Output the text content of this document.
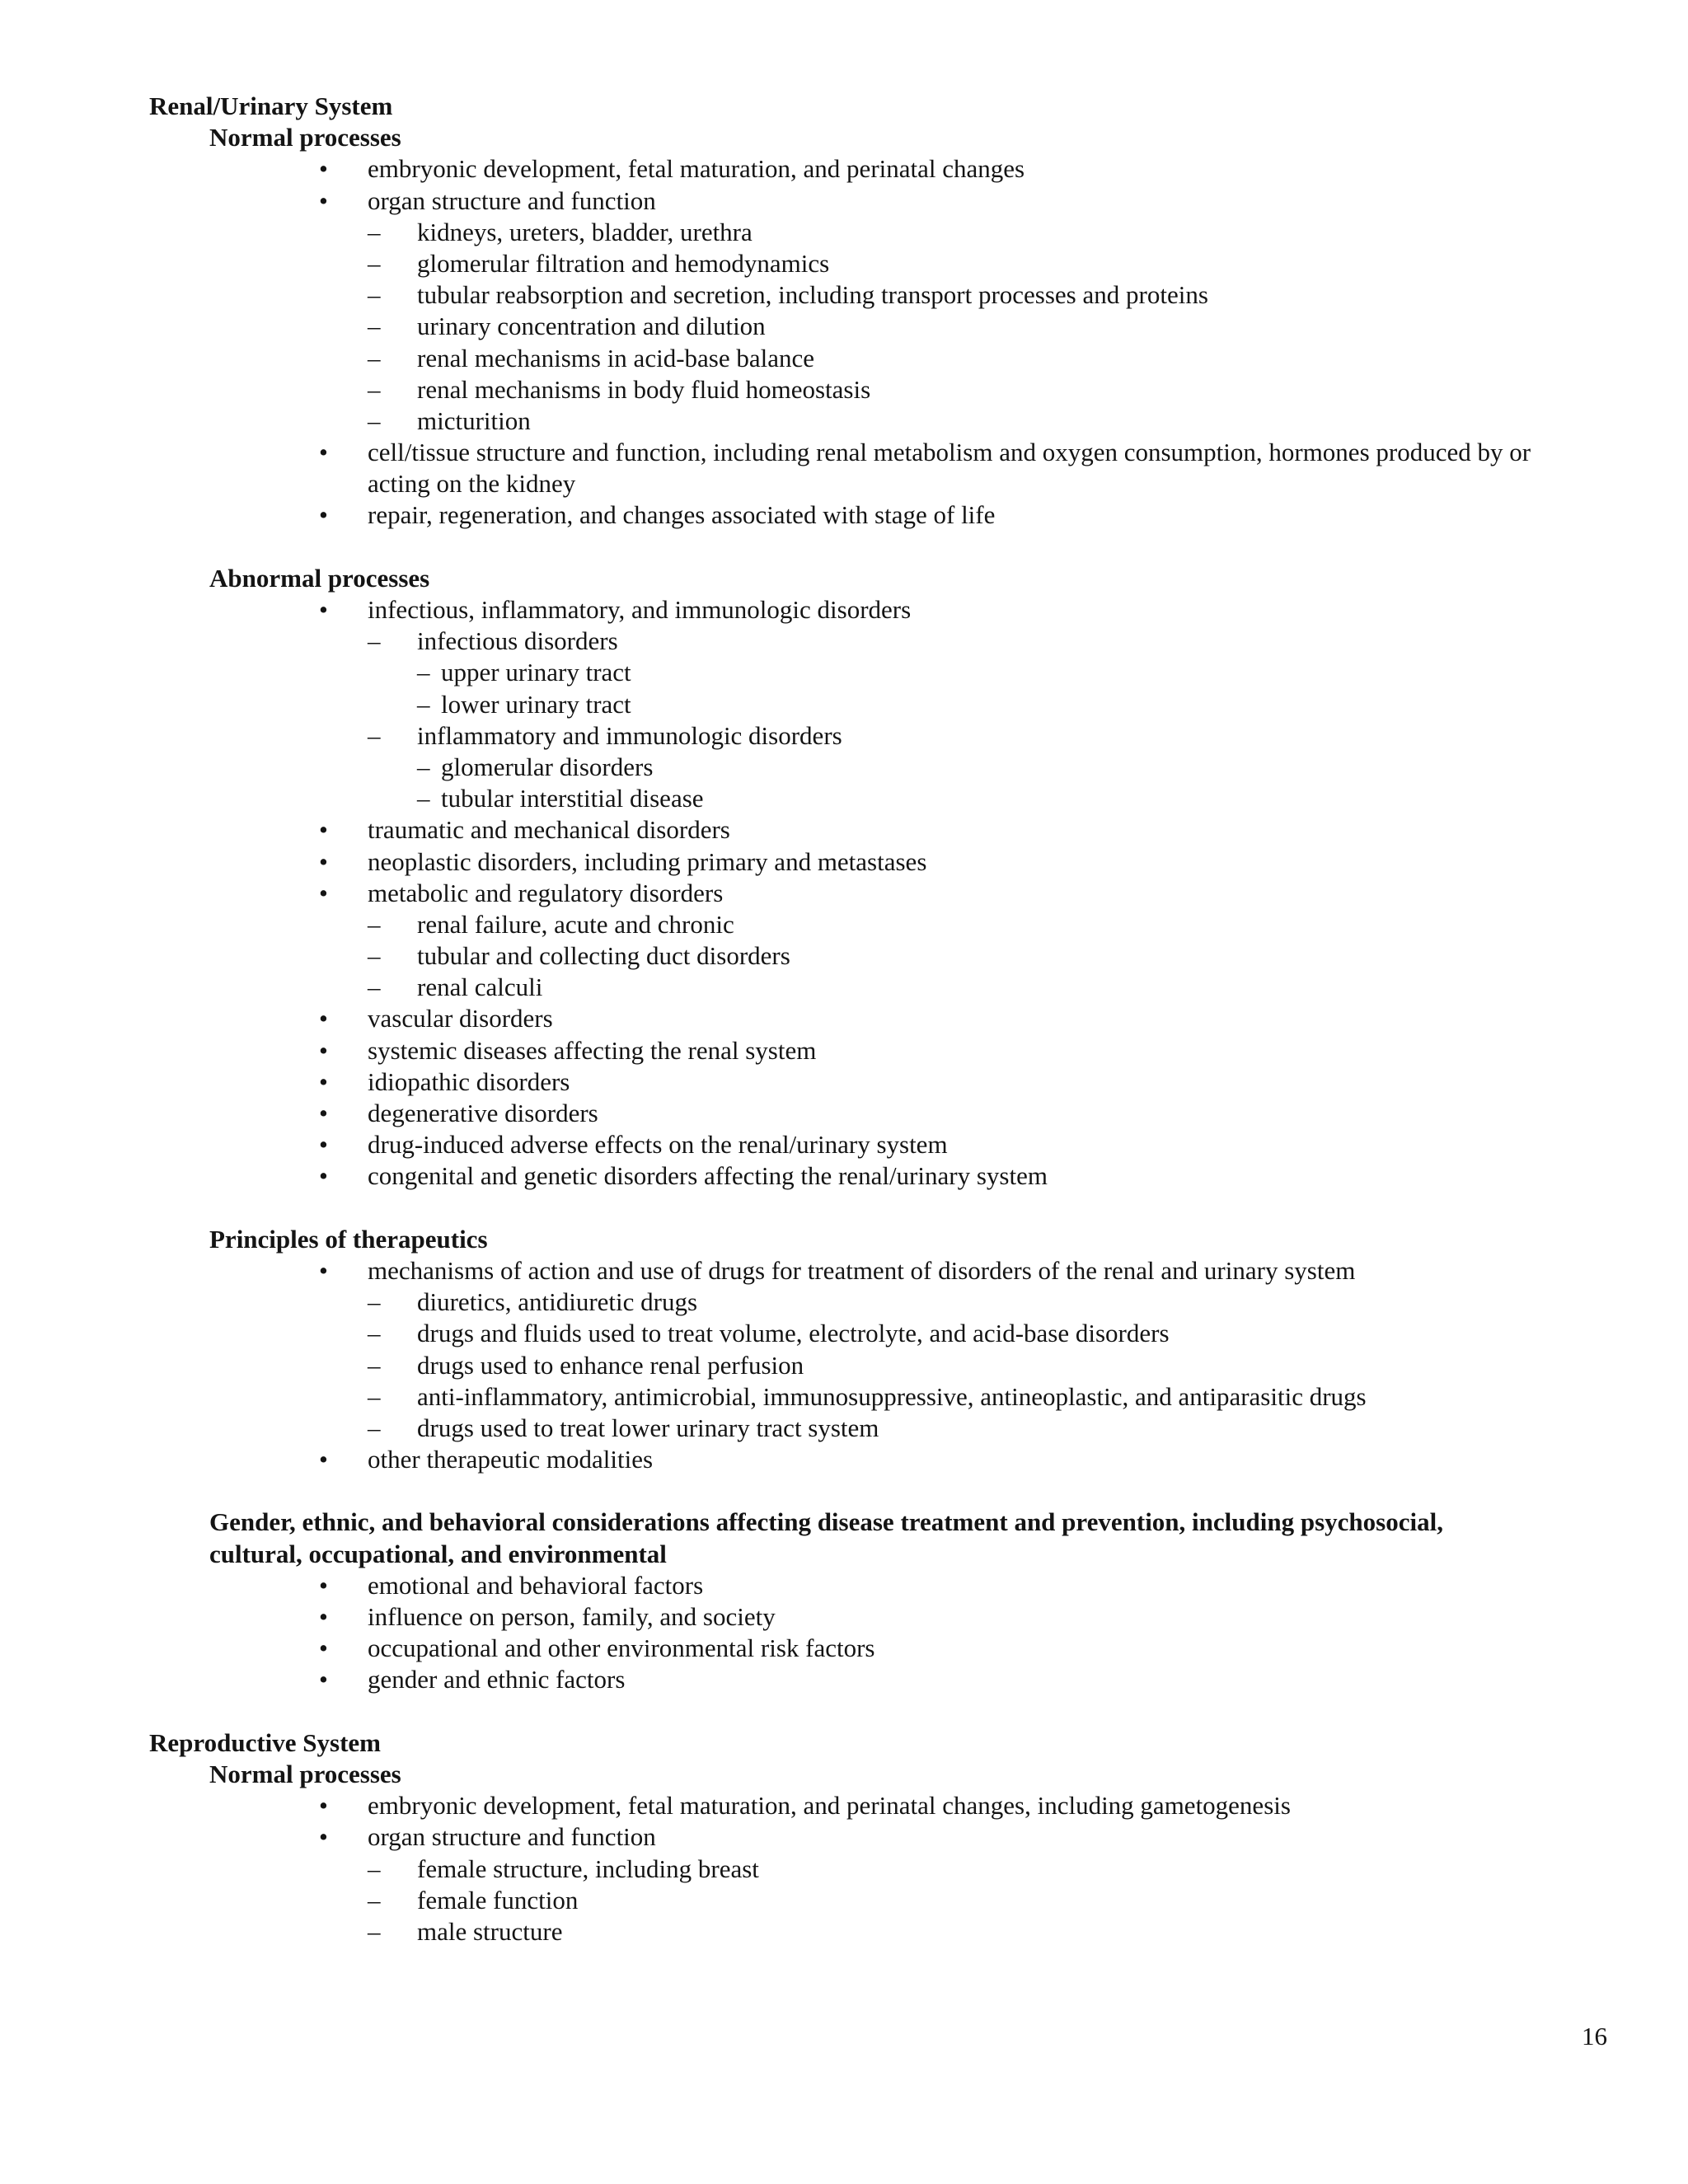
Renal/Urinary System
Normal processes
• embryonic development, fetal maturation, and perinatal changes
• organ structure and function
– kidneys, ureters, bladder, urethra
– glomerular filtration and hemodynamics
– tubular reabsorption and secretion, including transport processes and proteins
– urinary concentration and dilution
– renal mechanisms in acid-base balance
– renal mechanisms in body fluid homeostasis
– micturition
• cell/tissue structure and function, including renal metabolism and oxygen consumption, hormones produced by or acting on the kidney
• repair, regeneration, and changes associated with stage of life
Abnormal processes
• infectious, inflammatory, and immunologic disorders
– infectious disorders
– upper urinary tract
– lower urinary tract
– inflammatory and immunologic disorders
– glomerular disorders
– tubular interstitial disease
• traumatic and mechanical disorders
• neoplastic disorders, including primary and metastases
• metabolic and regulatory disorders
– renal failure, acute and chronic
– tubular and collecting duct disorders
– renal calculi
• vascular disorders
• systemic diseases affecting the renal system
• idiopathic disorders
• degenerative disorders
• drug-induced adverse effects on the renal/urinary system
• congenital and genetic disorders affecting the renal/urinary system
Principles of therapeutics
• mechanisms of action and use of drugs for treatment of disorders of the renal and urinary system
– diuretics, antidiuretic drugs
– drugs and fluids used to treat volume, electrolyte, and acid-base disorders
– drugs used to enhance renal perfusion
– anti-inflammatory, antimicrobial, immunosuppressive, antineoplastic, and antiparasitic drugs
– drugs used to treat lower urinary tract system
• other therapeutic modalities
Gender, ethnic, and behavioral considerations affecting disease treatment and prevention, including psychosocial, cultural, occupational, and environmental
• emotional and behavioral factors
• influence on person, family, and society
• occupational and other environmental risk factors
• gender and ethnic factors
Reproductive System
Normal processes
• embryonic development, fetal maturation, and perinatal changes, including gametogenesis
• organ structure and function
– female structure, including breast
– female function
– male structure
16
